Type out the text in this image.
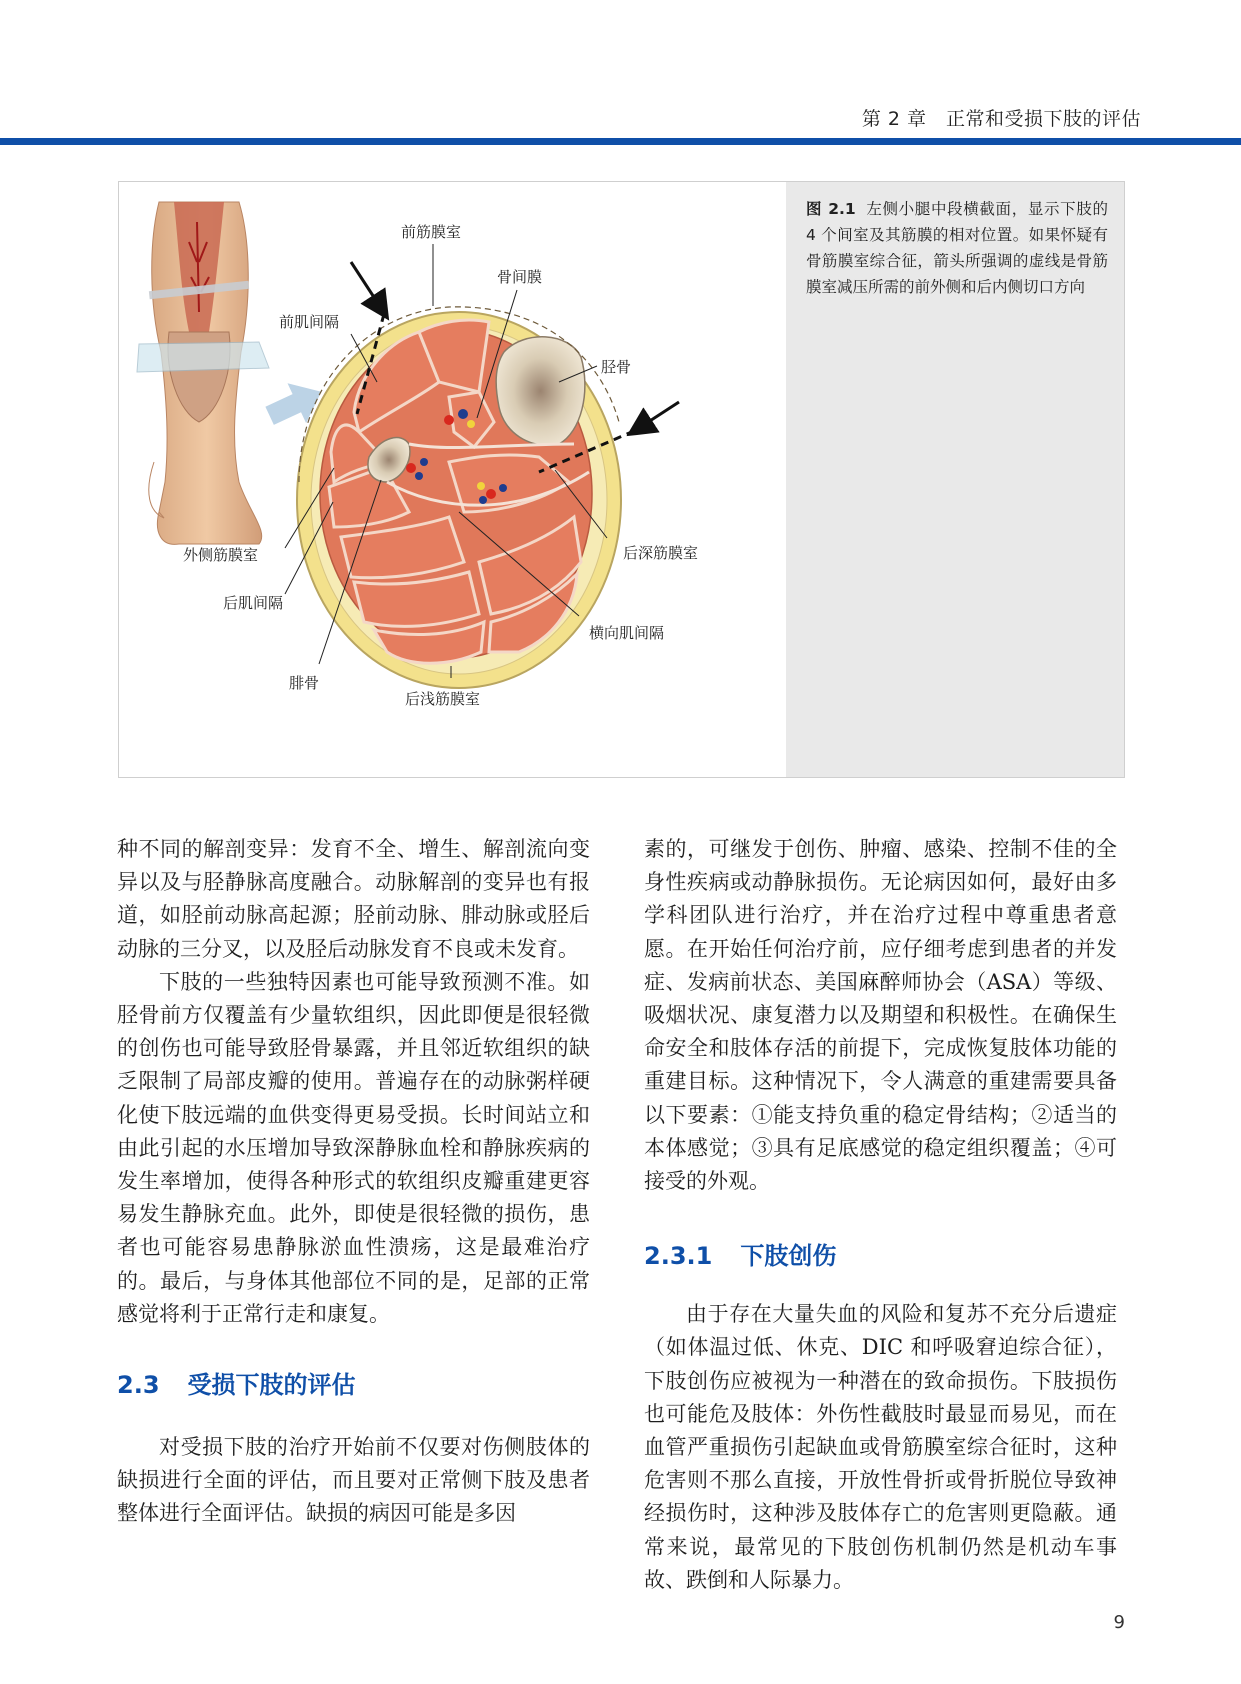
第 2 章　正常和受损下肢的评估
前筋膜室
骨间膜
前肌间隔
胫骨
外侧筋膜室	后深筋膜室
后肌间隔
横向肌间隔
腓骨
后浅筋膜室
图 2.1 左侧小腿中段横截面，显示下肢的 4 个间室及其筋膜的相对位置。如果怀疑有骨筋膜室综合征，箭头所强调的虚线是骨筋膜室减压所需的前外侧和后内侧切口方向

种不同的解剖变异：发育不全、增生、解剖流向变异以及与胫静脉高度融合。动脉解剖的变异也有报道，如胫前动脉高起源；胫前动脉、腓动脉或胫后动脉的三分叉，以及胫后动脉发育不良或未发育。

下肢的一些独特因素也可能导致预测不准。如胫骨前方仅覆盖有少量软组织，因此即便是很轻微的创伤也可能导致胫骨暴露，并且邻近软组织的缺乏限制了局部皮瓣的使用。普遍存在的动脉粥样硬化使下肢远端的血供变得更易受损。长时间站立和由此引起的水压增加导致深静脉血栓和静脉疾病的发生率增加，使得各种形式的软组织皮瓣重建更容易发生静脉充血。此外，即使是很轻微的损伤，患者也可能容易患静脉淤血性溃疡，这是最难治疗的。最后，与身体其他部位不同的是，足部的正常感觉将利于正常行走和康复。

2.3 受损下肢的评估

对受损下肢的治疗开始前不仅要对伤侧肢体的缺损进行全面的评估，而且要对正常侧下肢及患者整体进行全面评估。缺损的病因可能是多因

素的，可继发于创伤、肿瘤、感染、控制不佳的全身性疾病或动静脉损伤。无论病因如何，最好由多学科团队进行治疗，并在治疗过程中尊重患者意愿。在开始任何治疗前，应仔细考虑到患者的并发症、发病前状态、美国麻醉师协会（ASA）等级、吸烟状况、康复潜力以及期望和积极性。在确保生命安全和肢体存活的前提下，完成恢复肢体功能的重建目标。这种情况下，令人满意的重建需要具备以下要素：①能支持负重的稳定骨结构；②适当的本体感觉；③具有足底感觉的稳定组织覆盖；④可接受的外观。

2.3.1 下肢创伤

由于存在大量失血的风险和复苏不充分后遗症（如体温过低、休克、DIC 和呼吸窘迫综合征），下肢创伤应被视为一种潜在的致命损伤。下肢损伤也可能危及肢体：外伤性截肢时最显而易见，而在血管严重损伤引起缺血或骨筋膜室综合征时，这种危害则不那么直接，开放性骨折或骨折脱位导致神经损伤时，这种涉及肢体存亡的危害则更隐蔽。通常来说，最常见的下肢创伤机制仍然是机动车事故、跌倒和人际暴力。

9
